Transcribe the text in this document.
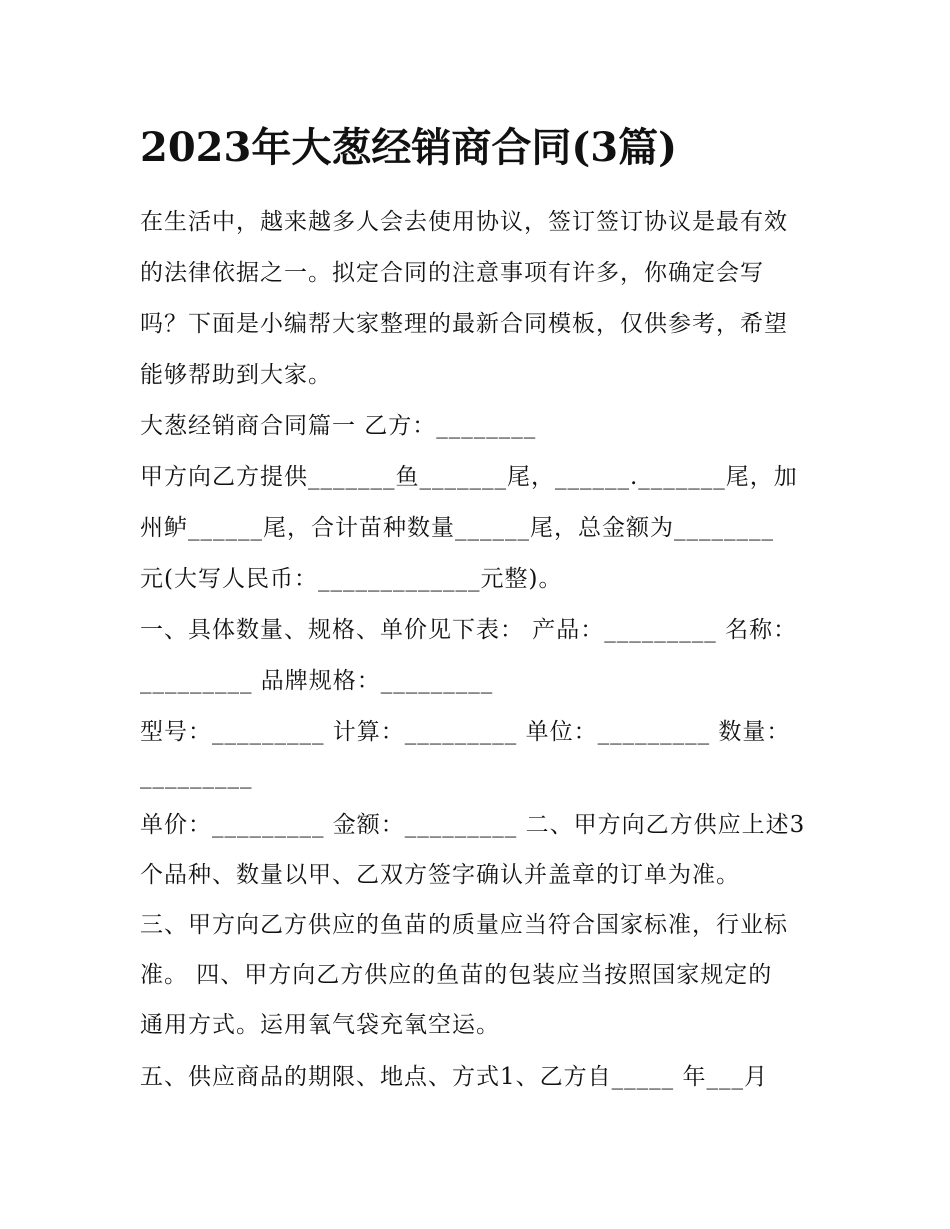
2023年大葱经销商合同(3篇)

在生活中，越来越多人会去使用协议，签订签订协议是最有效

的法律依据之一。拟定合同的注意事项有许多，你确定会写

吗？下面是小编帮大家整理的最新合同模板，仅供参考，希望

能够帮助到大家。

大葱经销商合同篇一 乙方：________

甲方向乙方提供_______鱼_______尾，______._______尾，加

州鲈______尾，合计苗种数量______尾，总金额为________

元(大写人民币：_____________元整)。

一、具体数量、规格、单价见下表： 产品：_________ 名称：

_________ 品牌规格：_________

型号：_________ 计算：_________ 单位：_________ 数量：

_________

单价：_________ 金额：_________ 二、甲方向乙方供应上述3

个品种、数量以甲、乙双方签字确认并盖章的订单为准。

三、甲方向乙方供应的鱼苗的质量应当符合国家标准，行业标

准。 四、甲方向乙方供应的鱼苗的包装应当按照国家规定的

通用方式。运用氧气袋充氧空运。

五、供应商品的期限、地点、方式1、乙方自_____ 年___月
